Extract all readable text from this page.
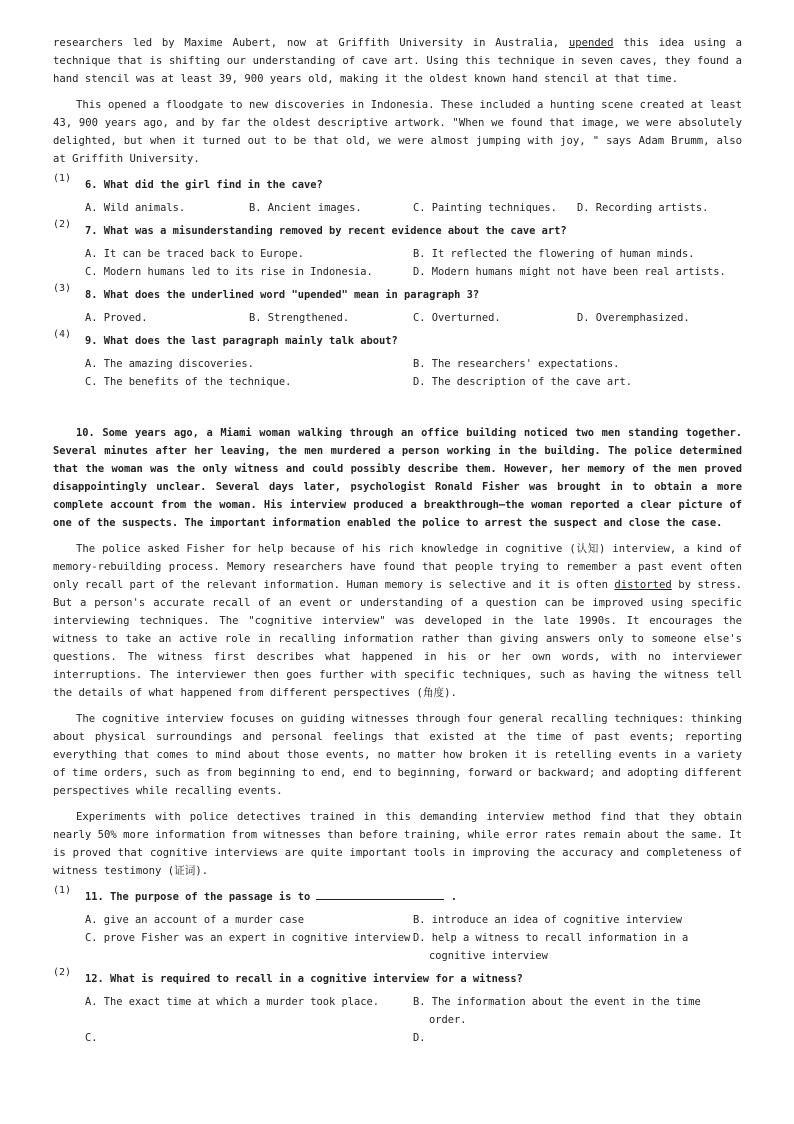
researchers led by Maxime Aubert, now at Griffith University in Australia, upended this idea using a technique that is shifting our understanding of cave art. Using this technique in seven caves, they found a hand stencil was at least 39, 900 years old, making it the oldest known hand stencil at that time.

This opened a floodgate to new discoveries in Indonesia. These included a hunting scene created at least 43, 900 years ago, and by far the oldest descriptive artwork. "When we found that image, we were absolutely delighted, but when it turned out to be that old, we were almost jumping with joy, " says Adam Brumm, also at Griffith University.

(1)

6. What did the girl find in the cave?

A. Wild animals.	B. Ancient images.	C. Painting techniques.	D. Recording artists.
(2)

7. What was a misunderstanding removed by recent evidence about the cave art?

A. It can be traced back to Europe.	B. It reflected the flowering of human minds.
C. Modern humans led to its rise in Indonesia.	D. Modern humans might not have been real artists.
(3)

8. What does the underlined word "upended" mean in paragraph 3?

A. Proved.	B. Strengthened.	C. Overturned.	D. Overemphasized.
(4)

9. What does the last paragraph mainly talk about?

A. The amazing discoveries.	B. The researchers' expectations.
C. The benefits of the technique.	D. The description of the cave art.

10. Some years ago, a Miami woman walking through an office building noticed two men standing together. Several minutes after her leaving, the men murdered a person working in the building. The police determined that the woman was the only witness and could possibly describe them. However, her memory of the men proved disappointingly unclear. Several days later, psychologist Ronald Fisher was brought in to obtain a more complete account from the woman. His interview produced a breakthrough—the woman reported a clear picture of one of the suspects. The important information enabled the police to arrest the suspect and close the case.

The police asked Fisher for help because of his rich knowledge in cognitive (认知) interview, a kind of memory-rebuilding process. Memory researchers have found that people trying to remember a past event often only recall part of the relevant information. Human memory is selective and it is often distorted by stress. But a person's accurate recall of an event or understanding of a question can be improved using specific interviewing techniques. The "cognitive interview" was developed in the late 1990s. It encourages the witness to take an active role in recalling information rather than giving answers only to someone else's questions. The witness first describes what happened in his or her own words, with no interviewer interruptions. The interviewer then goes further with specific techniques, such as having the witness tell the details of what happened from different perspectives (角度).

The cognitive interview focuses on guiding witnesses through four general recalling techniques: thinking about physical surroundings and personal feelings that existed at the time of past events; reporting everything that comes to mind about those events, no matter how broken it is retelling events in a variety of time orders, such as from beginning to end, end to beginning, forward or backward; and adopting different perspectives while recalling events.

Experiments with police detectives trained in this demanding interview method find that they obtain nearly 50% more information from witnesses than before training, while error rates remain about the same. It is proved that cognitive interviews are quite important tools in improving the accuracy and completeness of witness testimony (证词).

(1)

11. The purpose of the passage is to	.

A. give an account of a murder case	B. introduce an idea of cognitive interview
C. prove Fisher was an expert in cognitive interview D. help a witness to recall information in a cognitive interview
(2)

12. What is required to recall in a cognitive interview for a witness?

A. The exact time at which a murder took place.	B. The information about the event in the time order.
C.	D.
